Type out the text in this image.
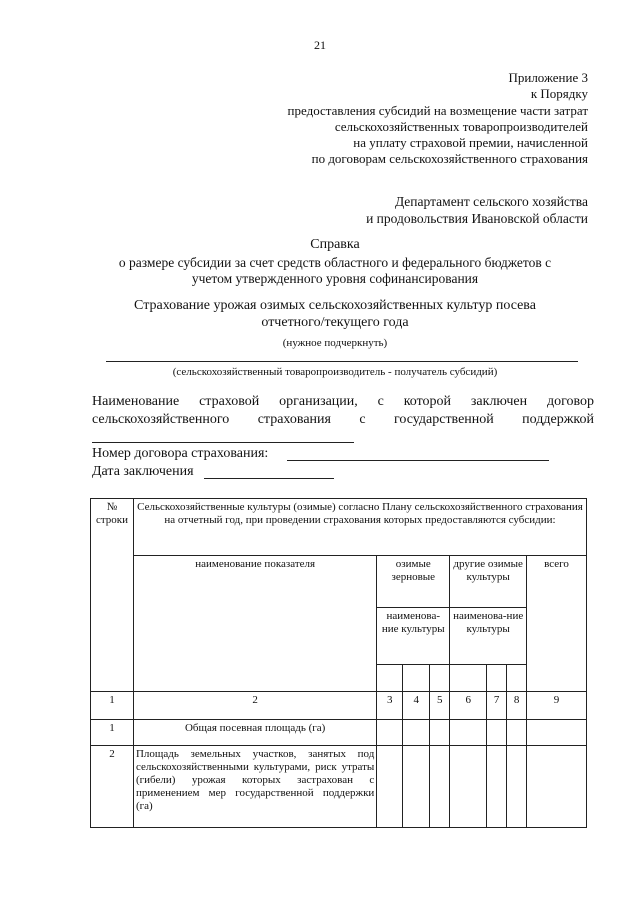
21
Приложение 3
к Порядку
предоставления субсидий на возмещение части затрат
сельскохозяйственных товаропроизводителей
на уплату страховой премии, начисленной
по договорам сельскохозяйственного страхования
Департамент сельского хозяйства
и продовольствия Ивановской области
Справка
о размере субсидии за счет средств областного и федерального бюджетов с
учетом утвержденного уровня софинансирования
Страхование урожая озимых сельскохозяйственных культур посева
отчетного/текущего года
(нужное подчеркнуть)
(сельскохозяйственный товаропроизводитель - получатель субсидий)
Наименование страховой организации, с которой заключен договор
сельскохозяйственного страхования с государственной поддержкой
Номер договора страхования:
Дата заключения
№ строки	Сельскохозяйственные культуры (озимые) согласно Плану сельскохозяйственного страхования на отчетный год, при проведении страхования которых предоставляются субсидии:							
	наименование показателя	озимые зерновые			другие озимые культуры			всего
		наименова-ние культуры			наименова-ние культуры			

1	2	3	4	5	6	7	8	9
1	Общая посевная площадь (га)							
2	Площадь земельных участков, занятых под сельскохозяйственными культурами, риск утраты (гибели) урожая которых застрахован с применением мер государственной поддержки (га)							
